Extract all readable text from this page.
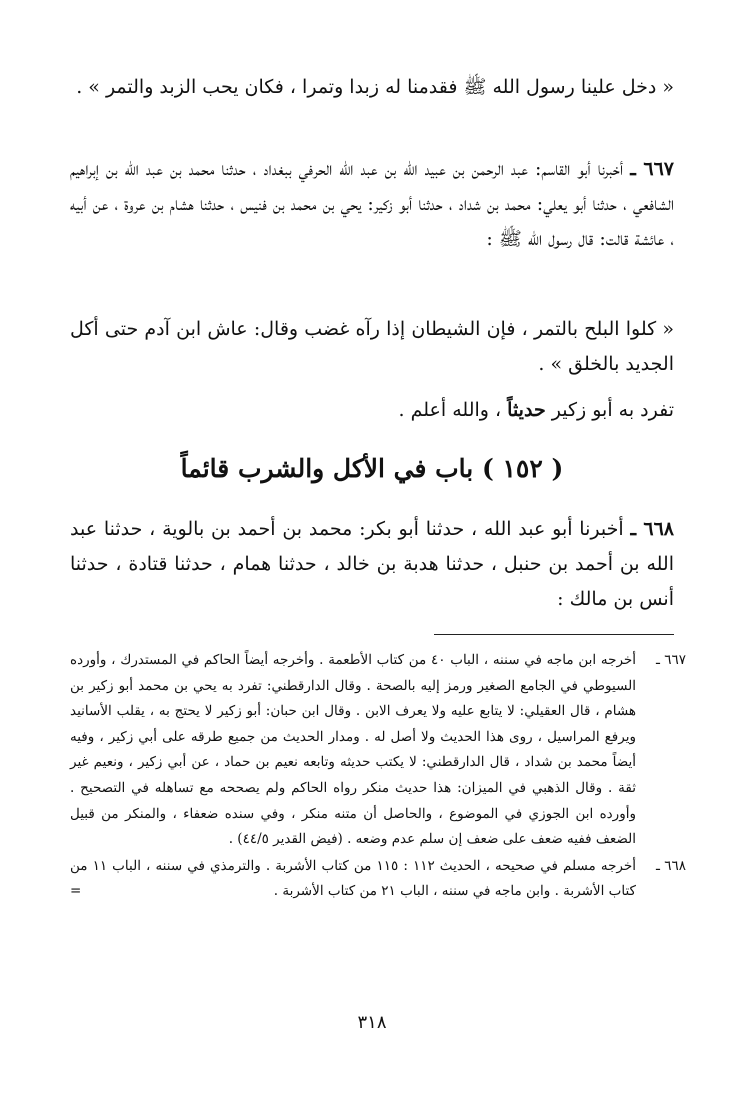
« دخل علينا رسول الله ﷺ فقدمنا له زبدا وتمرا ، فكان يحب الزبد والتمر » .

٦٦٧ ـ أخبرنا أبو القاسم: عبد الرحمن بن عبيد الله بن عبد الله الحرفي ببغداد ، حدثنا محمد بن عبد الله بن إبراهيم الشافعي ، حدثنا أبو يعلي: محمد بن شداد ، حدثنا أبو زكير: يحي بن محمد بن فنيس ، حدثنا هشام بن عروة ، عن أبيه ، عائشة قالت: قال رسول الله ﷺ :

« كلوا البلح بالتمر ، فإن الشيطان إذا رآه غضب وقال: عاش ابن آدم حتى أكل الجديد بالخلق » .

تفرد به أبو زكير حديثاً ، والله أعلم .

( ١٥٢ ) باب في الأكل والشرب قائماً

٦٦٨ ـ أخبرنا أبو عبد الله ، حدثنا أبو بكر: محمد بن أحمد بن بالوية ، حدثنا عبد الله بن أحمد بن حنبل ، حدثنا هدبة بن خالد ، حدثنا همام ، حدثنا قتادة ، حدثنا أنس بن مالك :

٦٦٧ ـ
أخرجه ابن ماجه في سننه ، الباب ٤٠ من كتاب الأطعمة . وأخرجه أيضاً الحاكم في المستدرك ، وأورده السيوطي في الجامع الصغير ورمز إليه بالصحة . وقال الدارقطني: تفرد به يحي بن محمد أبو زكير بن هشام ، قال العقيلي: لا يتابع عليه ولا يعرف الابن . وقال ابن حبان: أبو زكير لا يحتج به ، يقلب الأسانيد ويرفع المراسيل ، روى هذا الحديث ولا أصل له . ومدار الحديث من جميع طرقه على أبي زكير ، وفيه أيضاً محمد بن شداد ، قال الدارقطني: لا يكتب حديثه وتابعه نعيم بن حماد ، عن أبي زكير ، ونعيم غير ثقة . وقال الذهبي في الميزان: هذا حديث منكر رواه الحاكم ولم يصححه مع تساهله في التصحيح . وأورده ابن الجوزي في الموضوع ، والحاصل أن متنه منكر ، وفي سنده ضعفاء ، والمنكر من قبيل الضعف ففيه ضعف على ضعف إن سلم عدم وضعه . (فيض القدير ٤٤/٥) .
٦٦٨ ـ
أخرجه مسلم في صحيحه ، الحديث ١١٢ : ١١٥ من كتاب الأشربة . والترمذي في سننه ، الباب ١١ من كتاب الأشربة . وابن ماجه في سننه ، الباب ٢١ من كتاب الأشربة .
=
٣١٨
